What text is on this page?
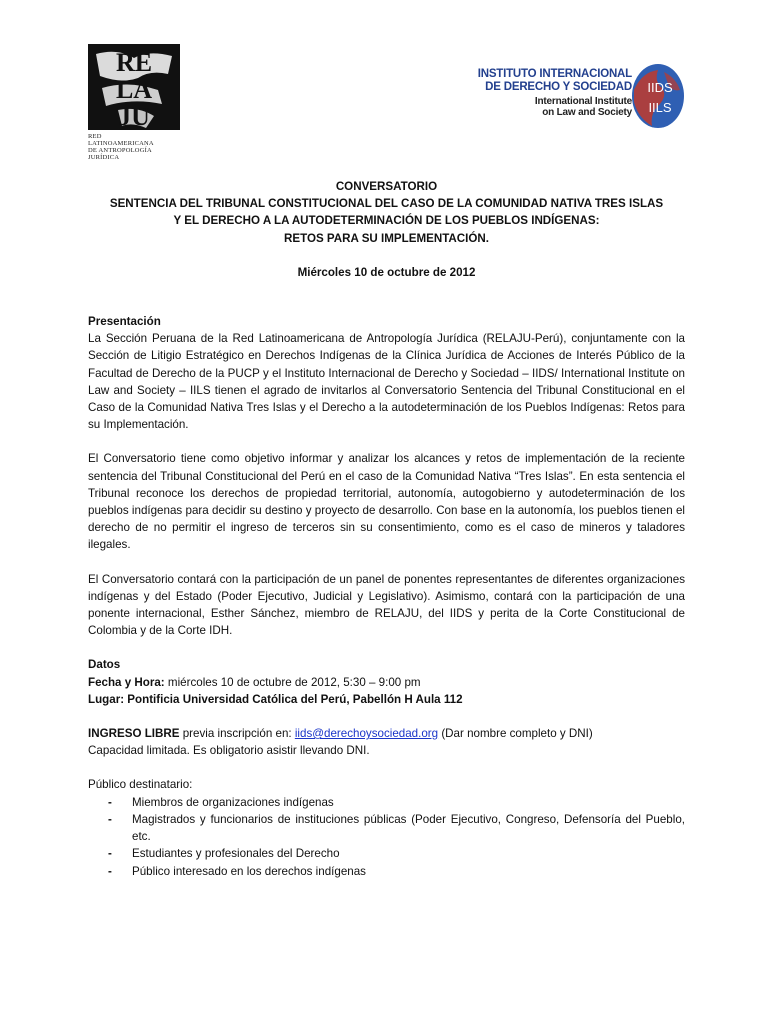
RE
LA
JU
RED
LATINOAMERICANA
DE ANTROPOLOGÍA
JURÍDICA
INSTITUTO INTERNACIONAL
DE DERECHO Y SOCIEDAD
International Institute
on Law and Society
IIDS
IILS
CONVERSATORIO
SENTENCIA DEL TRIBUNAL CONSTITUCIONAL DEL CASO DE LA COMUNIDAD NATIVA TRES ISLAS
Y EL DERECHO A LA AUTODETERMINACIÓN DE LOS PUEBLOS INDÍGENAS:
RETOS PARA SU IMPLEMENTACIÓN.
Miércoles 10 de octubre de 2012
Presentación
La Sección Peruana de la Red Latinoamericana de Antropología Jurídica (RELAJU-Perú), conjuntamente con la Sección de Litigio Estratégico en Derechos Indígenas de la Clínica Jurídica de Acciones de Interés Público de la Facultad de Derecho de la PUCP y el Instituto Internacional de Derecho y Sociedad – IIDS/ International Institute on Law and Society – IILS tienen el agrado de invitarlos al Conversatorio Sentencia del Tribunal Constitucional en el Caso de la Comunidad Nativa Tres Islas y el Derecho a la autodeterminación de los Pueblos Indígenas: Retos para su Implementación.
El Conversatorio tiene como objetivo informar y analizar los alcances y retos de implementación de la reciente sentencia del Tribunal Constitucional del Perú en el caso de la Comunidad Nativa “Tres Islas”. En esta sentencia el Tribunal reconoce los derechos de propiedad territorial, autonomía, autogobierno y autodeterminación de los pueblos indígenas para decidir su destino y proyecto de desarrollo. Con base en la autonomía, los pueblos tienen el derecho de no permitir el ingreso de terceros sin su consentimiento, como es el caso de mineros y taladores ilegales.
El Conversatorio contará con la participación de un panel de ponentes representantes de diferentes organizaciones indígenas y del Estado (Poder Ejecutivo, Judicial y Legislativo). Asimismo, contará con la participación de una ponente internacional, Esther Sánchez, miembro de RELAJU, del IIDS y perita de la Corte Constitucional de Colombia y de la Corte IDH.
Datos
Fecha y Hora: miércoles 10 de octubre de 2012, 5:30 – 9:00 pm
Lugar: Pontificia Universidad Católica del Perú, Pabellón H Aula 112
INGRESO LIBRE previa inscripción en: iids@derechoysociedad.org (Dar nombre completo y DNI)
Capacidad limitada. Es obligatorio asistir llevando DNI.
Público destinatario:
- Miembros de organizaciones indígenas
- Magistrados y funcionarios de instituciones públicas (Poder Ejecutivo, Congreso, Defensoría del Pueblo, etc.
- Estudiantes y profesionales del Derecho
- Público interesado en los derechos indígenas
